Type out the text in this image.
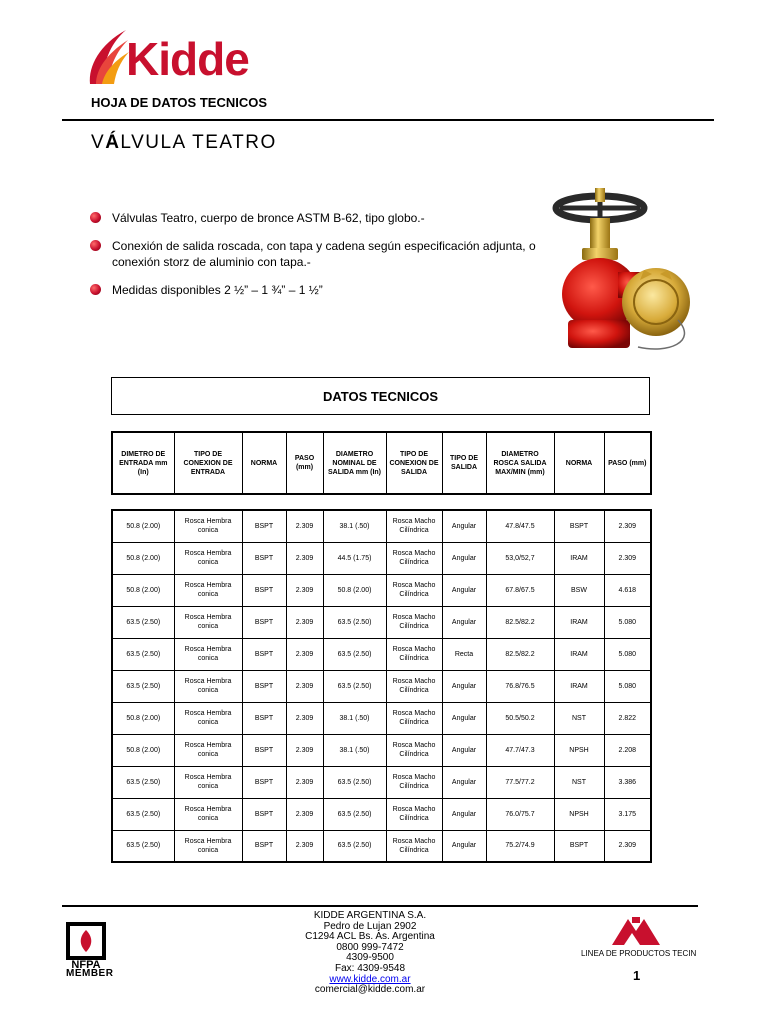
Kidde
HOJA DE DATOS TECNICOS
VÁLVULA TEATRO
Válvulas Teatro, cuerpo de bronce ASTM B-62, tipo globo.-
Conexión de salida roscada, con tapa y cadena según especificación adjunta, o conexión storz de aluminio con tapa.-
Medidas disponibles 2 ½” – 1 ¾” – 1 ½”
DATOS TECNICOS
DIMETRO DE ENTRADA mm (In)	TIPO DE CONEXION DE ENTRADA	NORMA	PASO (mm)	DIAMETRO NOMINAL DE SALIDA mm (In)	TIPO DE CONEXION DE SALIDA	TIPO DE SALIDA	DIAMETRO ROSCA SALIDA MAX/MIN (mm)	NORMA	PASO (mm)
50.8 (2.00)	Rosca Hembra conica	BSPT	2.309	38.1 (.50)	Rosca Macho Cilíndrica	Angular	47.8/47.5	BSPT	2.309
50.8 (2.00)	Rosca Hembra conica	BSPT	2.309	44.5 (1.75)	Rosca Macho Cilíndrica	Angular	53,0/52,7	IRAM	2.309
50.8 (2.00)	Rosca Hembra conica	BSPT	2.309	50.8 (2.00)	Rosca Macho Cilíndrica	Angular	67.8/67.5	BSW	4.618
63.5 (2.50)	Rosca Hembra conica	BSPT	2.309	63.5 (2.50)	Rosca Macho Cilíndrica	Angular	82.5/82.2	IRAM	5.080
63.5 (2.50)	Rosca Hembra conica	BSPT	2.309	63.5 (2.50)	Rosca Macho Cilíndrica	Recta	82.5/82.2	IRAM	5.080
63.5 (2.50)	Rosca Hembra conica	BSPT	2.309	63.5 (2.50)	Rosca Macho Cilíndrica	Angular	76.8/76.5	IRAM	5.080
50.8 (2.00)	Rosca Hembra conica	BSPT	2.309	38.1 (.50)	Rosca Macho Cilíndrica	Angular	50.5/50.2	NST	2.822
50.8 (2.00)	Rosca Hembra conica	BSPT	2.309	38.1 (.50)	Rosca Macho Cilíndrica	Angular	47.7/47.3	NPSH	2.208
63.5 (2.50)	Rosca Hembra conica	BSPT	2.309	63.5 (2.50)	Rosca Macho Cilíndrica	Angular	77.5/77.2	NST	3.386
63.5 (2.50)	Rosca Hembra conica	BSPT	2.309	63.5 (2.50)	Rosca Macho Cilíndrica	Angular	76.0/75.7	NPSH	3.175
63.5 (2.50)	Rosca Hembra conica	BSPT	2.309	63.5 (2.50)	Rosca Macho Cilíndrica	Angular	75.2/74.9	BSPT	2.309
NFPA
MEMBER
KIDDE ARGENTINA S.A.
Pedro de Lujan 2902
C1294 ACL Bs. As. Argentina
0800 999-7472
4309-9500
Fax: 4309-9548
www.kidde.com.ar
comercial@kidde.com.ar
LINEA DE PRODUCTOS TECIN
1
